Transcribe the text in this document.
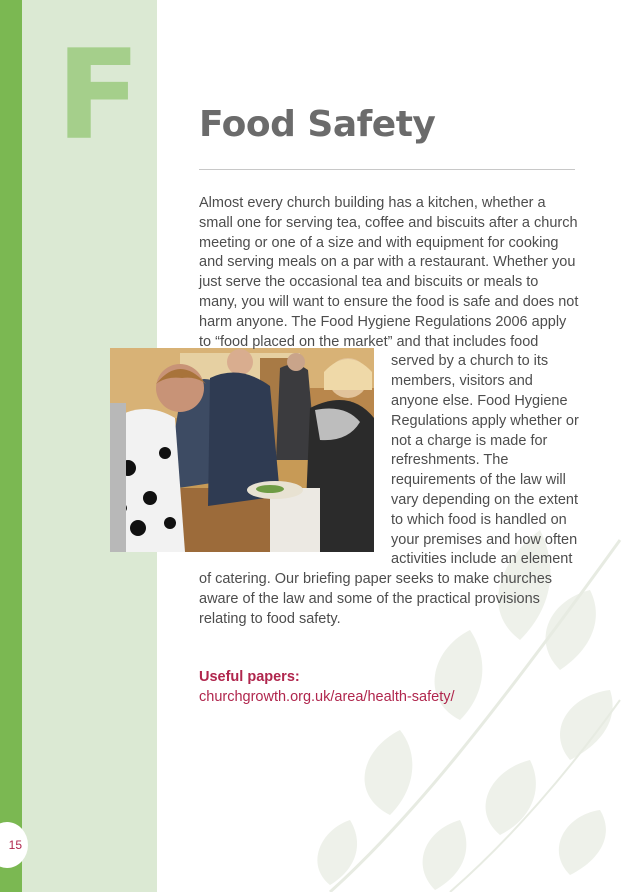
F Food Safety
Almost every church building has a kitchen, whether a small one for serving tea, coffee and biscuits after a church meeting or one of a size and with equipment for cooking and serving meals on a par with a restaurant. Whether you just serve the occasional tea and biscuits or meals to many, you will want to ensure the food is safe and does not harm anyone. The Food Hygiene Regulations 2006 apply to “food placed on the market” and that includes food served by a church to its members, visitors and anyone else. Food Hygiene Regulations apply whether or not a charge is made for refreshments. The requirements of the law will vary depending on the extent to which food is handled on your premises and how often activities include an element of catering. Our briefing paper seeks to make churches aware of the law and some of the practical provisions relating to food safety.

Useful papers:

churchgrowth.org.uk/area/health-safety/
15
